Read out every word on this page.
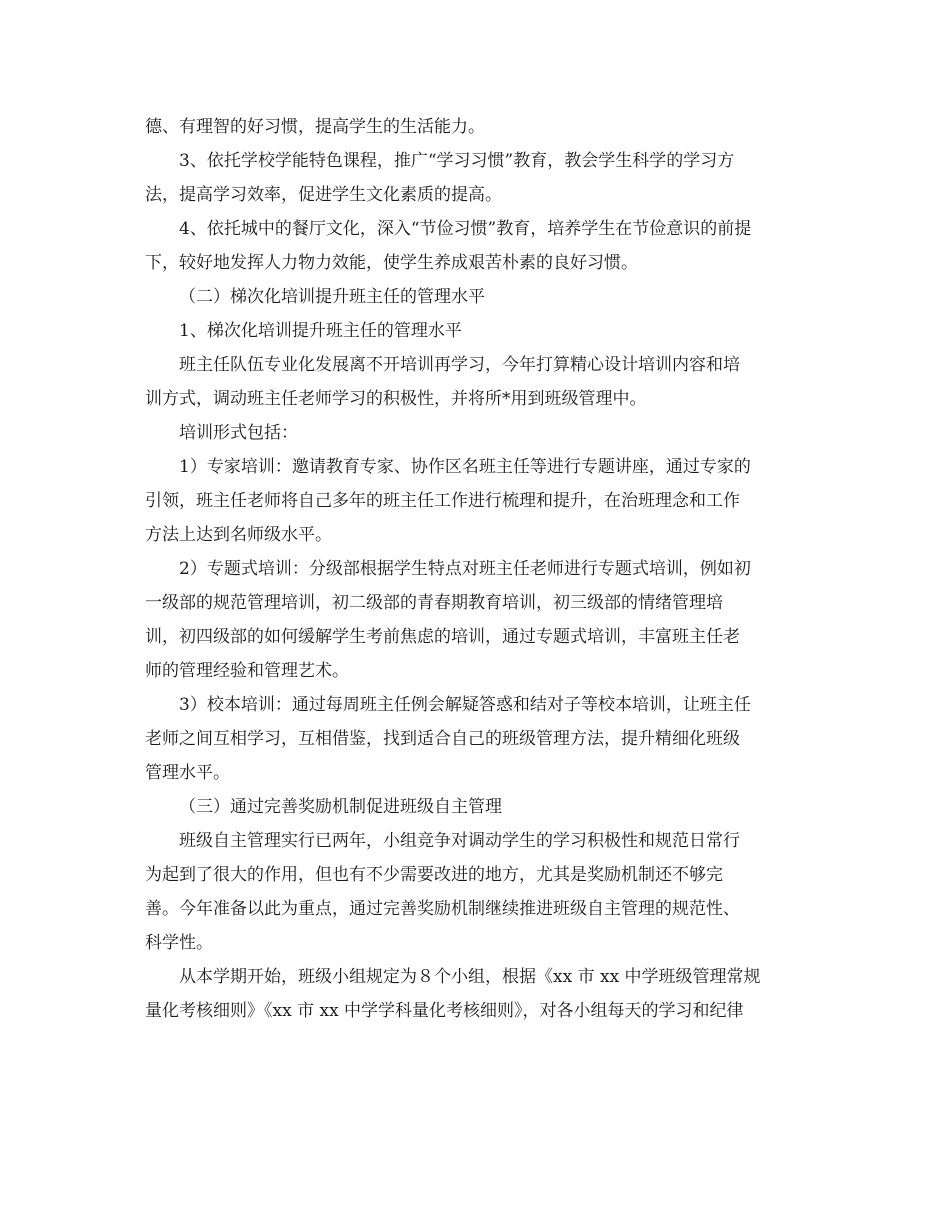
德、有理智的好习惯，提高学生的生活能力。
3、依托学校学能特色课程，推广“学习习惯”教育，教会学生科学的学习方
法，提高学习效率，促进学生文化素质的提高。
4、依托城中的餐厅文化，深入“节俭习惯”教育，培养学生在节俭意识的前提
下，较好地发挥人力物力效能，使学生养成艰苦朴素的良好习惯。
（二）梯次化培训提升班主任的管理水平
1、梯次化培训提升班主任的管理水平
班主任队伍专业化发展离不开培训再学习，今年打算精心设计培训内容和培
训方式，调动班主任老师学习的积极性，并将所*用到班级管理中。
培训形式包括：
1）专家培训：邀请教育专家、协作区名班主任等进行专题讲座，通过专家的
引领，班主任老师将自己多年的班主任工作进行梳理和提升，在治班理念和工作
方法上达到名师级水平。
2）专题式培训：分级部根据学生特点对班主任老师进行专题式培训，例如初
一级部的规范管理培训，初二级部的青春期教育培训，初三级部的情绪管理培
训，初四级部的如何缓解学生考前焦虑的培训，通过专题式培训，丰富班主任老
师的管理经验和管理艺术。
3）校本培训：通过每周班主任例会解疑答惑和结对子等校本培训，让班主任
老师之间互相学习，互相借鉴，找到适合自己的班级管理方法，提升精细化班级
管理水平。
（三）通过完善奖励机制促进班级自主管理
班级自主管理实行已两年，小组竞争对调动学生的学习积极性和规范日常行
为起到了很大的作用，但也有不少需要改进的地方，尤其是奖励机制还不够完
善。今年准备以此为重点，通过完善奖励机制继续推进班级自主管理的规范性、
科学性。
从本学期开始，班级小组规定为８个小组，根据《xx 市 xx 中学班级管理常规
量化考核细则》《xx 市 xx 中学学科量化考核细则》，对各小组每天的学习和纪律
